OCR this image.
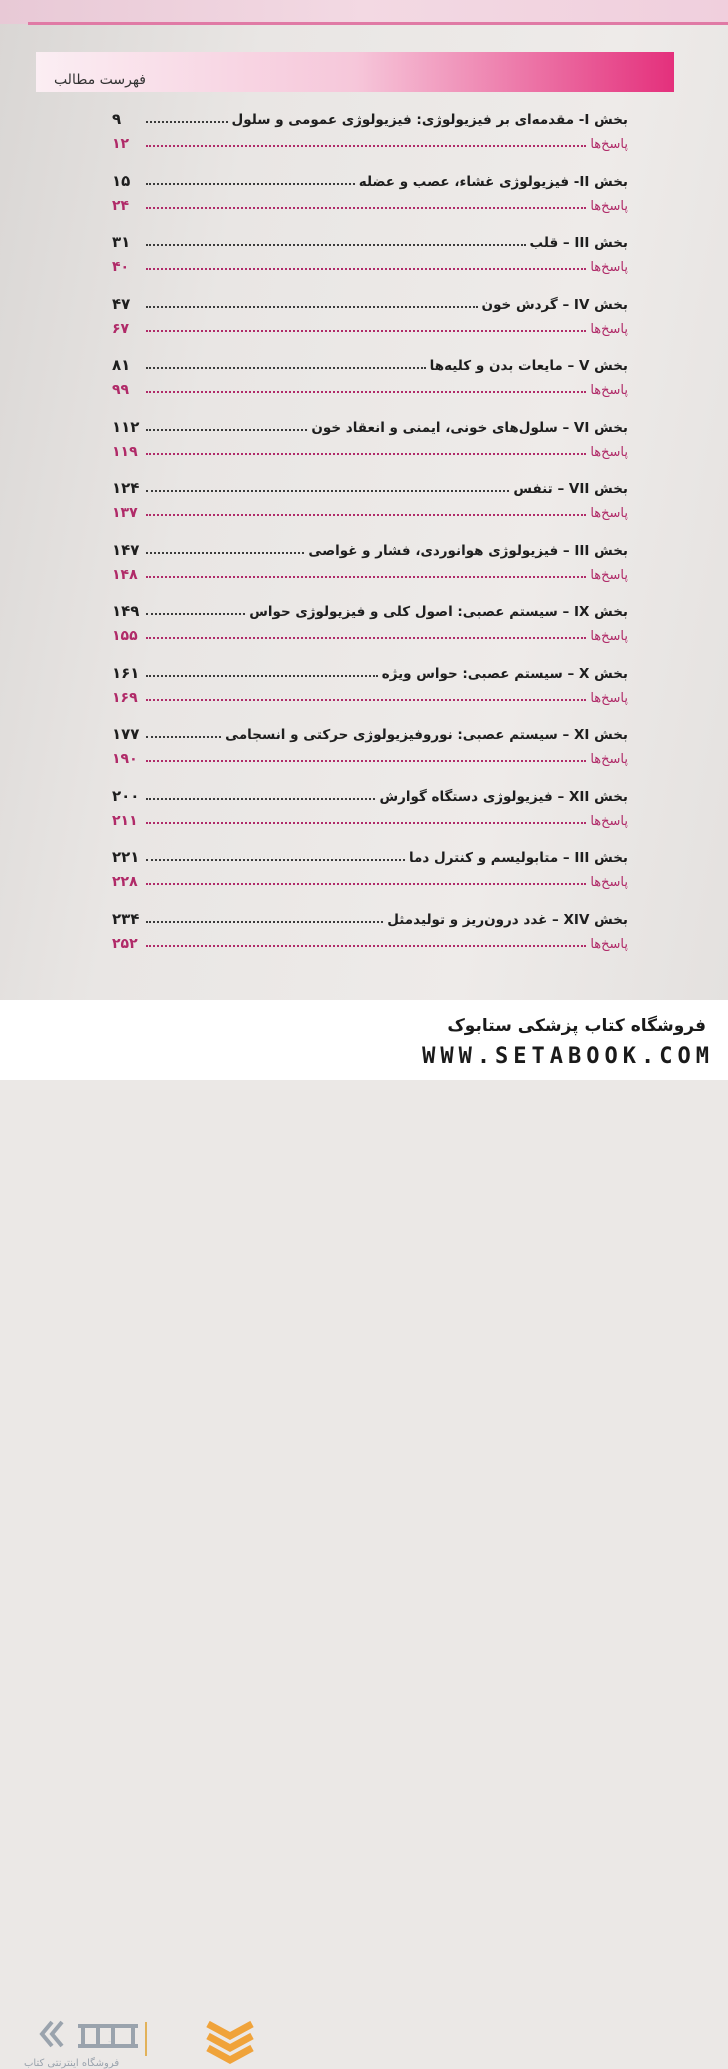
فهرست مطالب
بخش I- مقدمه‌ای بر فیزیولوژی: فیزیولوژی عمومی و سلول
۹
پاسخ‌ها
۱۲
بخش II- فیزیولوژی غشاء، عصب و عضله
۱۵
پاسخ‌ها
۲۴
بخش III – قلب
۳۱
پاسخ‌ها
۴۰
بخش IV – گردش خون
۴۷
پاسخ‌ها
۶۷
بخش V – مایعات بدن و کلیه‌ها
۸۱
پاسخ‌ها
۹۹
بخش VI – سلول‌های خونی، ایمنی و انعقاد خون
۱۱۲
پاسخ‌ها
۱۱۹
بخش VII – تنفس
۱۲۴
پاسخ‌ها
۱۳۷
بخش III – فیزیولوژی هوانوردی، فشار و غواصی
۱۴۷
پاسخ‌ها
۱۴۸
بخش IX – سیستم عصبی: اصول کلی و فیزیولوژی حواس
۱۴۹
پاسخ‌ها
۱۵۵
بخش X – سیستم عصبی: حواس ویژه
۱۶۱
پاسخ‌ها
۱۶۹
بخش XI – سیستم عصبی: نوروفیزیولوژی حرکتی و انسجامی
۱۷۷
پاسخ‌ها
۱۹۰
بخش XII – فیزیولوژی دستگاه گوارش
۲۰۰
پاسخ‌ها
۲۱۱
بخش III – متابولیسم و کنترل دما
۲۲۱
پاسخ‌ها
۲۲۸
بخش XIV – غدد درون‌ریز و تولیدمثل
۲۳۴
پاسخ‌ها
۲۵۲
ستابوک
فروشگاه اینترنتی کتاب
فروشگاه کتاب پزشکی ستابوک
WWW.SETABOOK.COM
